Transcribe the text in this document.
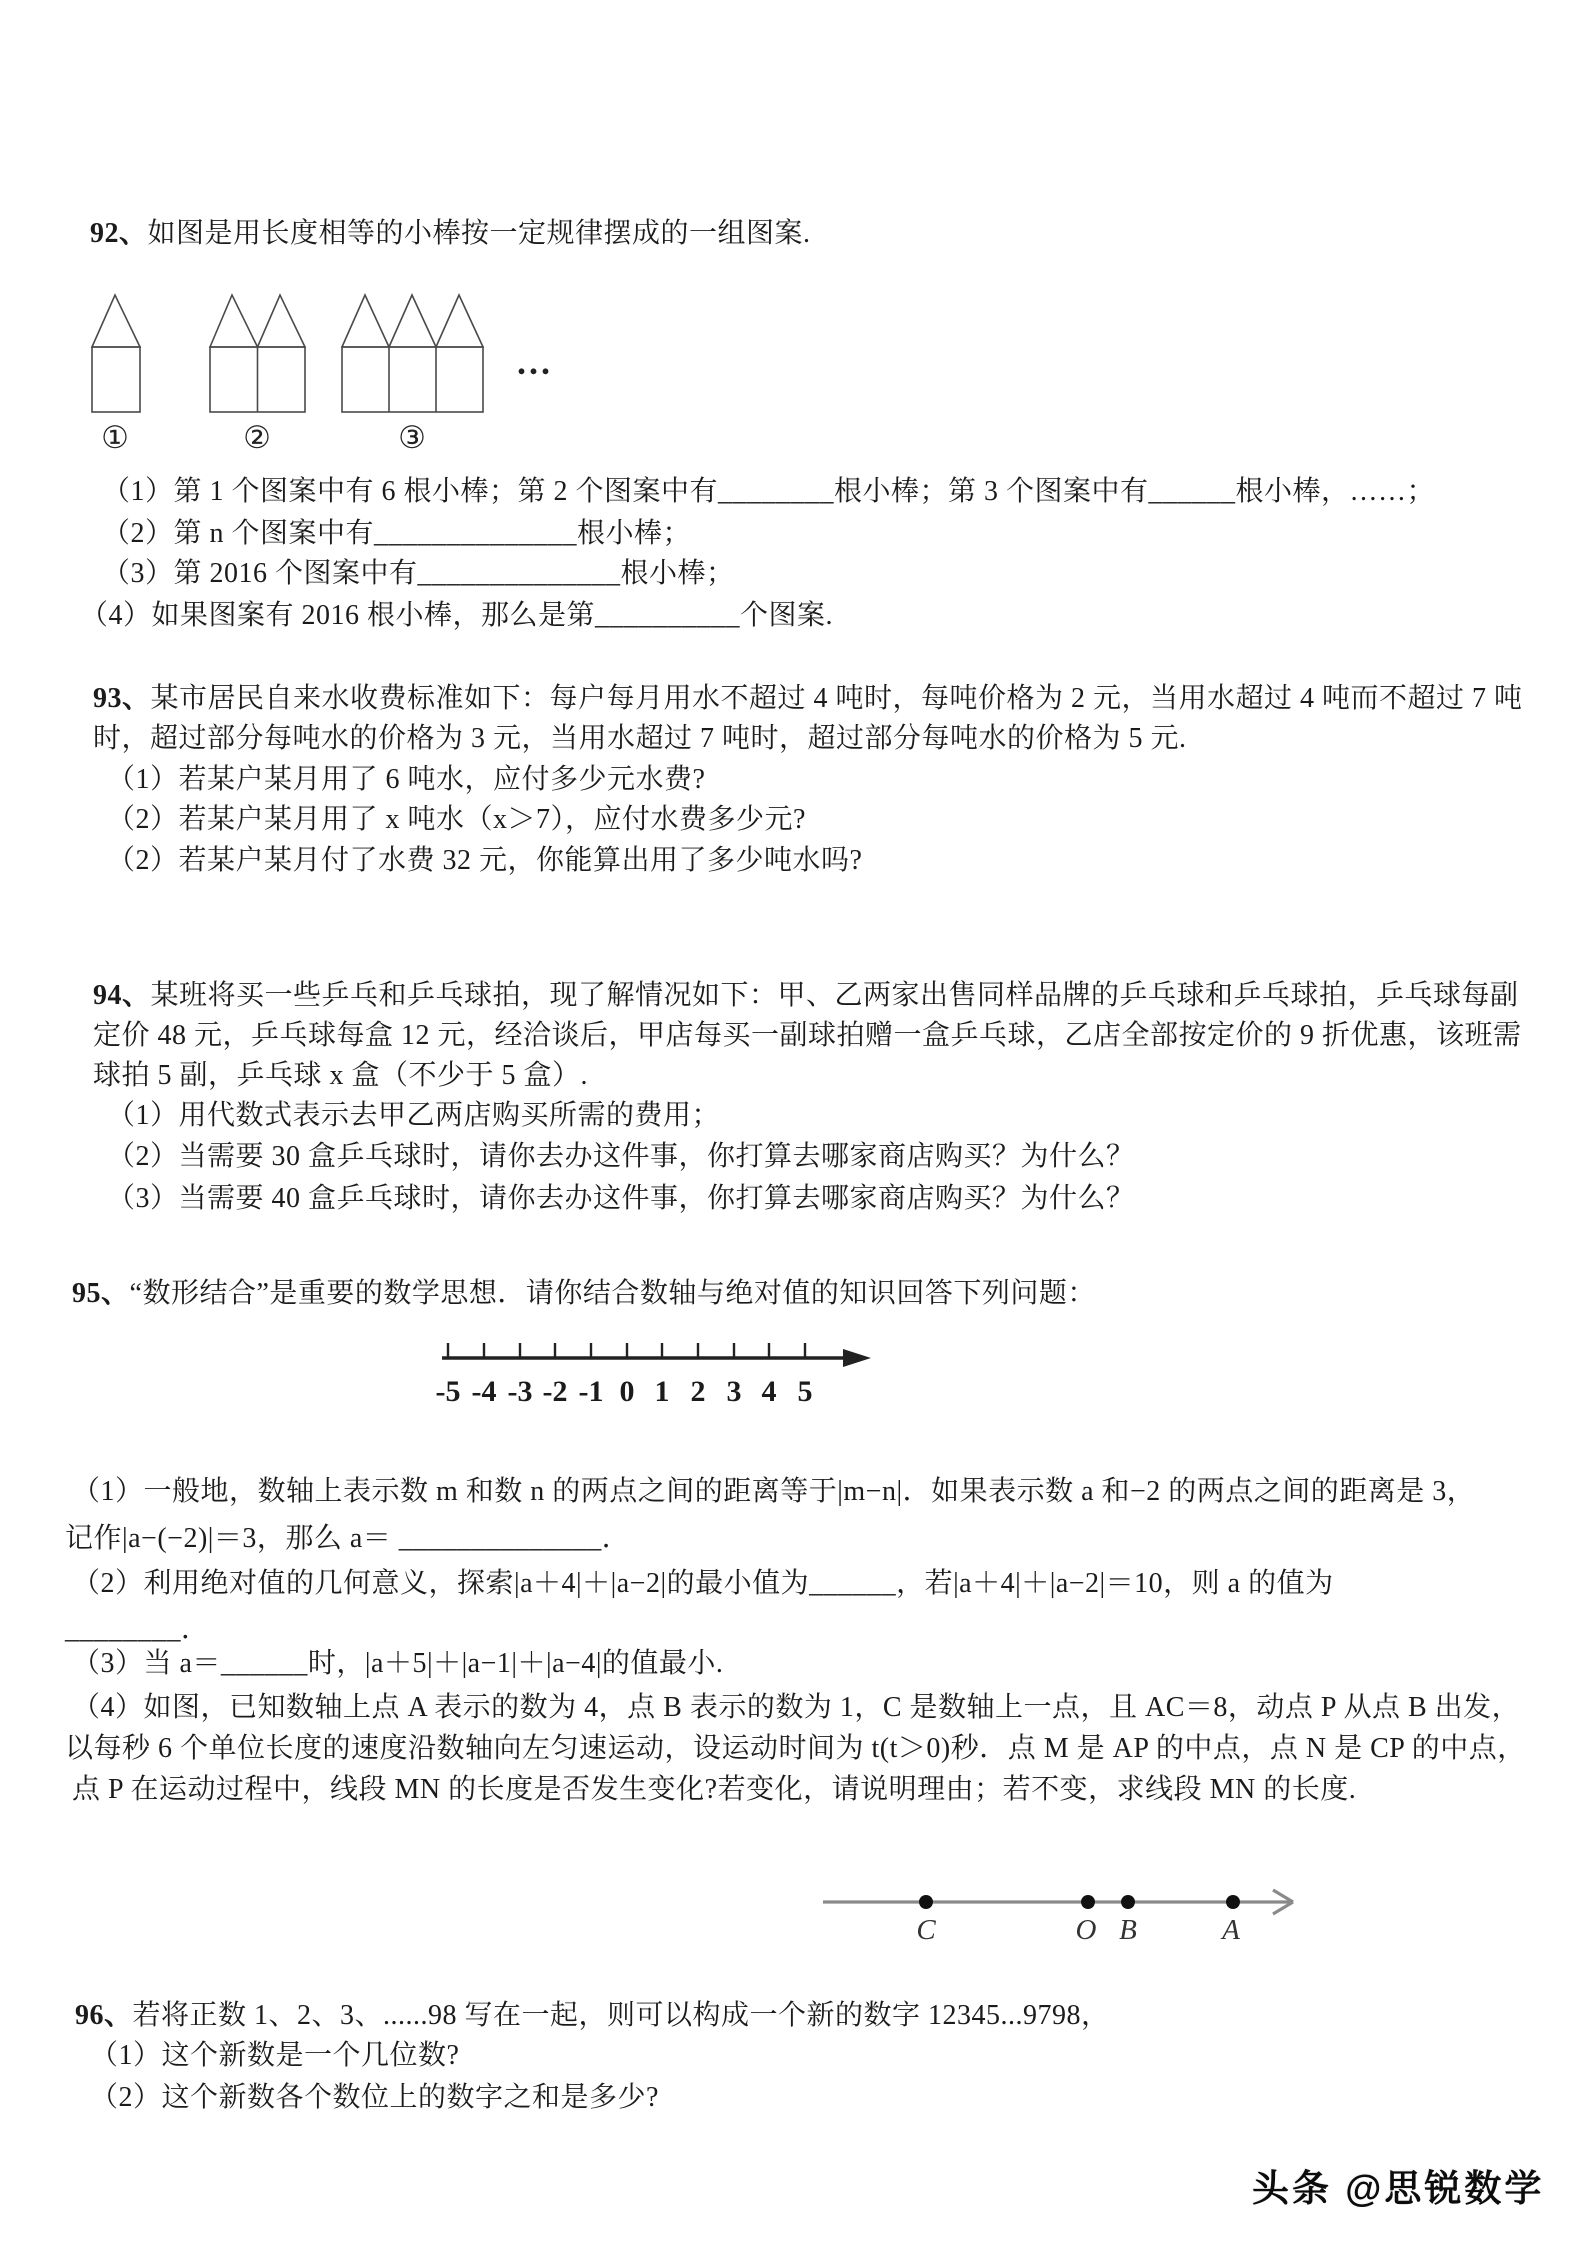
92、如图是用长度相等的小棒按一定规律摆成的一组图案.
...
①	②	③
（1）第 1 个图案中有 6 根小棒；第 2 个图案中有________根小棒；第 3 个图案中有______根小棒，……；
（2）第 n 个图案中有______________根小棒；
（3）第 2016 个图案中有______________根小棒；
（4）如果图案有 2016 根小棒，那么是第__________个图案.
93、某市居民自来水收费标准如下：每户每月用水不超过 4 吨时，每吨价格为 2 元，当用水超过 4 吨而不超过 7 吨
时，超过部分每吨水的价格为 3 元，当用水超过 7 吨时，超过部分每吨水的价格为 5 元.
（1）若某户某月用了 6 吨水，应付多少元水费?
（2）若某户某月用了 x 吨水（x＞7），应付水费多少元?
（2）若某户某月付了水费 32 元，你能算出用了多少吨水吗?
94、某班将买一些乒乓和乒乓球拍，现了解情况如下：甲、乙两家出售同样品牌的乒乓球和乒乓球拍，乒乓球每副
定价 48 元，乒乓球每盒 12 元，经洽谈后，甲店每买一副球拍赠一盒乒乓球，乙店全部按定价的 9 折优惠，该班需
球拍 5 副，乒乓球 x 盒（不少于 5 盒）.
（1）用代数式表示去甲乙两店购买所需的费用；
（2）当需要 30 盒乒乓球时，请你去办这件事，你打算去哪家商店购买？为什么？
（3）当需要 40 盒乒乓球时，请你去办这件事，你打算去哪家商店购买？为什么？
95、“数形结合”是重要的数学思想．请你结合数轴与绝对值的知识回答下列问题：
-5 -4 -3 -2 -1 0 1 2 3 4 5
（1）一般地，数轴上表示数 m 和数 n 的两点之间的距离等于|m−n|．如果表示数 a 和−2 的两点之间的距离是 3，
记作|a−(−2)|＝3，那么 a＝ ______________．
（2）利用绝对值的几何意义，探索|a＋4|＋|a−2|的最小值为______，若|a＋4|＋|a−2|＝10，则 a 的值为
________．
（3）当 a＝______时，|a＋5|＋|a−1|＋|a−4|的值最小.
（4）如图，已知数轴上点 A 表示的数为 4，点 B 表示的数为 1，C 是数轴上一点，且 AC＝8，动点 P 从点 B 出发，
以每秒 6 个单位长度的速度沿数轴向左匀速运动，设运动时间为 t(t＞0)秒．点 M 是 AP 的中点，点 N 是 CP 的中点，
点 P 在运动过程中，线段 MN 的长度是否发生变化?若变化，请说明理由；若不变，求线段 MN 的长度.
C	O B	A
96、若将正数 1、2、3、......98 写在一起，则可以构成一个新的数字 12345...9798，
（1）这个新数是一个几位数?
（2）这个新数各个数位上的数字之和是多少?
头条 @思锐数学
